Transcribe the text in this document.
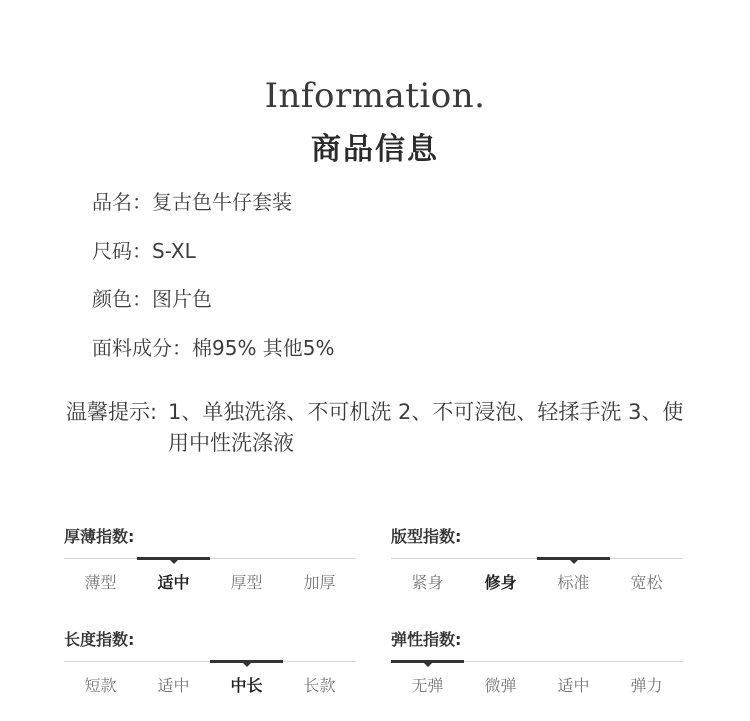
Information.
商品信息
品名：复古色牛仔套装
尺码：S-XL
颜色：图片色
面料成分：棉95% 其他5%
温馨提示: 1、单独洗涤、不可机洗 2、不可浸泡、轻揉手洗 3、使用中性洗涤液
厚薄指数:
薄型	适中	厚型	加厚
版型指数:
紧身	修身	标准	宽松
长度指数:
短款	适中	中长	长款
弹性指数:
无弹	微弹	适中	弹力
